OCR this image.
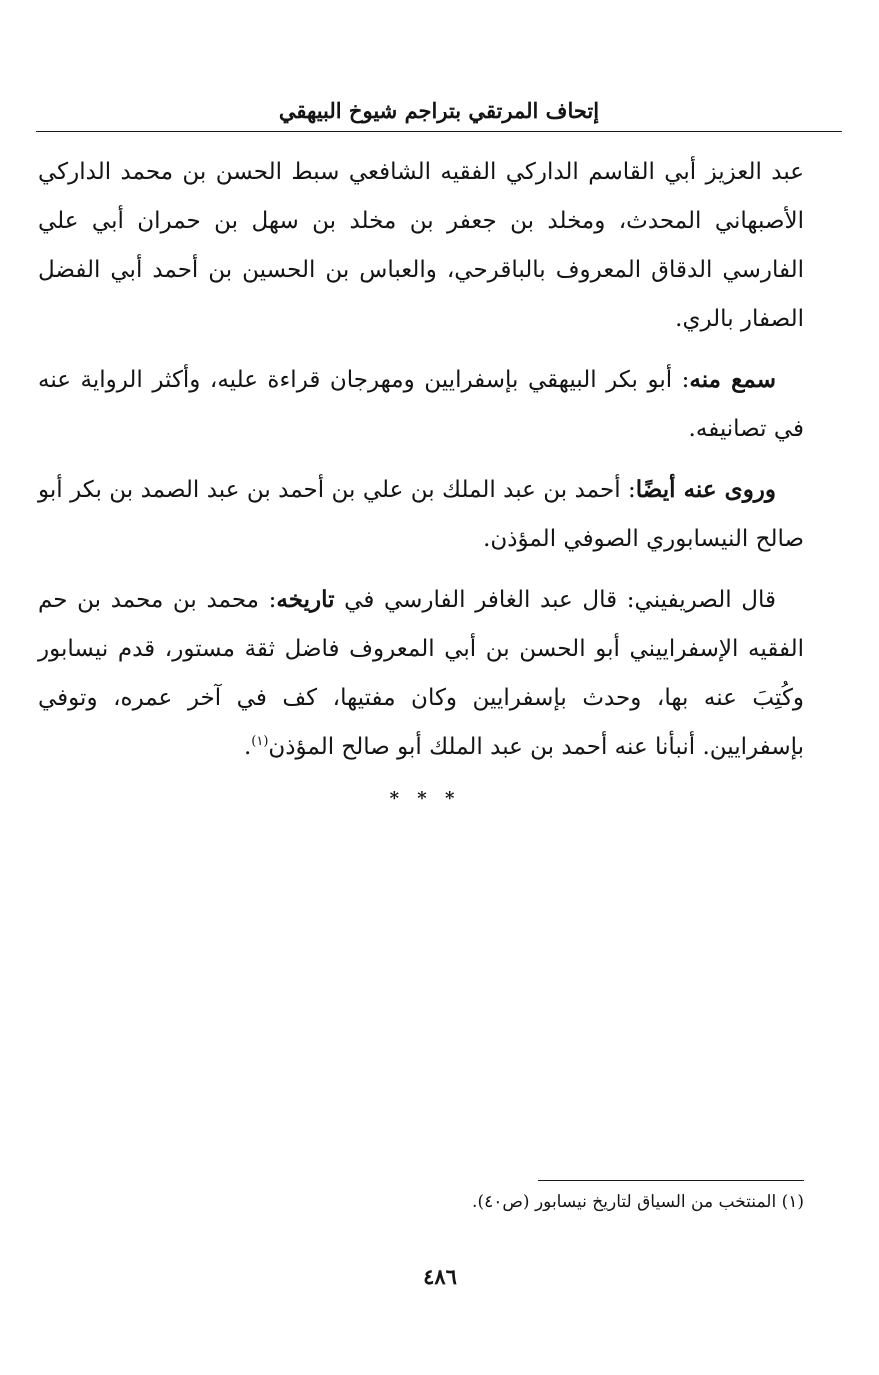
إتحاف المرتقي بتراجم شيوخ البيهقي

عبد العزيز أبي القاسم الداركي الفقيه الشافعي سبط الحسن بن محمد الداركي الأصبهاني المحدث، ومخلد بن جعفر بن مخلد بن سهل بن حمران أبي علي الفارسي الدقاق المعروف بالباقرحي، والعباس بن الحسين بن أحمد أبي الفضل الصفار بالري.

سمع منه: أبو بكر البيهقي بإسفرايين ومهرجان قراءة عليه، وأكثر الرواية عنه في تصانيفه.

وروى عنه أيضًا: أحمد بن عبد الملك بن علي بن أحمد بن عبد الصمد بن بكر أبو صالح النيسابوري الصوفي المؤذن.

قال الصريفيني: قال عبد الغافر الفارسي في تاريخه: محمد بن محمد بن حم الفقيه الإسفراييني أبو الحسن بن أبي المعروف فاضل ثقة مستور، قدم نيسابور وكُتِبَ عنه بها، وحدث بإسفرايين وكان مفتيها، كف في آخر عمره، وتوفي بإسفرايين. أنبأنا عنه أحمد بن عبد الملك أبو صالح المؤذن$^{(١)}$.

* * *
(١) المنتخب من السياق لتاريخ نيسابور (ص٤٠).
٤٨٦
